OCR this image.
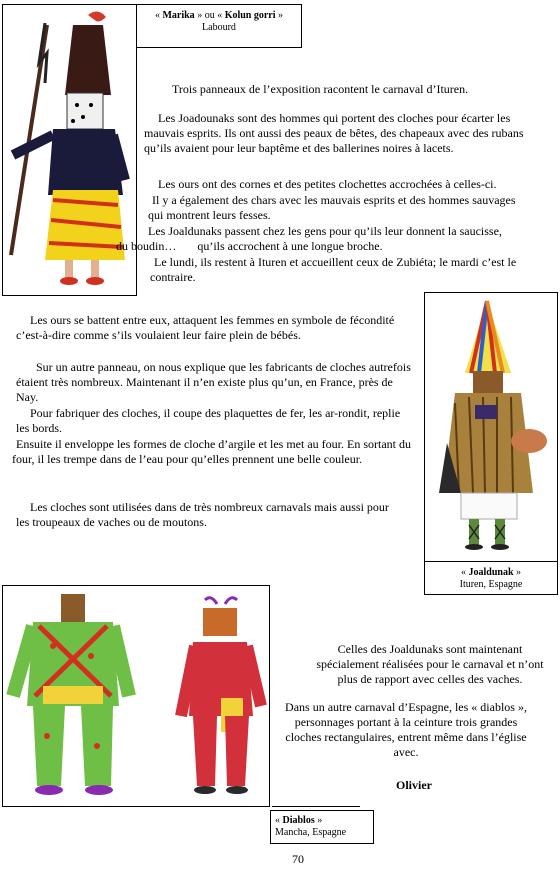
« Marika » ou « Kolun gorri »
Labourd

Trois panneaux de l’exposition racontent le carnaval d’Ituren.

Les Joadounaks sont des hommes qui portent des cloches pour écarter les mauvais esprits. Ils ont aussi des peaux de bêtes, des chapeaux avec des rubans qu’ils avaient pour leur baptême et des ballerines noires à lacets.

Les ours ont des cornes et des petites clochettes accrochées à celles-ci.

Il y a également des chars avec les mauvais esprits et des hommes sauvages qui montrent leurs fesses.

Les Joaldunaks passent chez les gens pour qu’ils leur donnent la saucisse,

du boudin…       qu’ils accrochent à une longue broche.

Le lundi, ils restent à Ituren et accueillent ceux de Zubiéta; le mardi c’est le contraire.

Les ours se battent entre eux, attaquent les femmes en symbole de fécondité c’est-à-dire comme s’ils voulaient leur faire plein de bébés.

Sur un autre panneau, on nous explique que les fabricants de cloches autrefois étaient très nombreux. Maintenant il n’en existe plus qu’un, en France, près de Nay.

Pour fabriquer des cloches, il coupe des plaquettes de fer, les ar-rondit, replie les bords.

Ensuite il enveloppe les formes de cloche d’argile et les met au four. En sortant du four, il les trempe dans de l’eau pour qu’elles prennent une belle couleur.

Les cloches sont utilisées dans de très nombreux carnavals mais aussi pour les troupeaux de vaches ou de moutons.

« Joaldunak »
Ituren, Espagne
« Diablos »
Mancha, Espagne

Celles des Joaldunaks sont maintenant spécialement réalisées pour le carnaval et n’ont plus de rapport avec celles des vaches.

Dans un autre carnaval d’Espagne, les « diablos », personnages portant à la ceinture trois grandes cloches rectangulaires, entrent même dans l’église avec.

Olivier

70
